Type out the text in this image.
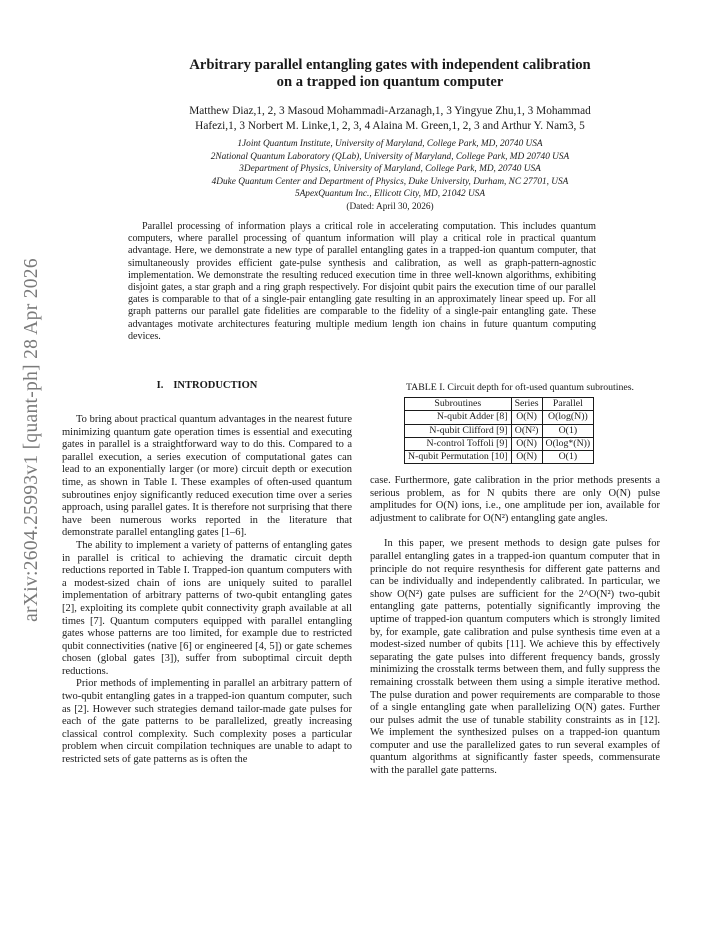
arXiv:2604.25993v1 [quant-ph] 28 Apr 2026
Arbitrary parallel entangling gates with independent calibration
on a trapped ion quantum computer
Matthew Diaz,1, 2, 3 Masoud Mohammadi-Arzanagh,1, 3 Yingyue Zhu,1, 3 Mohammad
Hafezi,1, 3 Norbert M. Linke,1, 2, 3, 4 Alaina M. Green,1, 2, 3 and Arthur Y. Nam3, 5
1Joint Quantum Institute, University of Maryland, College Park, MD, 20740 USA
2National Quantum Laboratory (QLab), University of Maryland, College Park, MD 20740 USA
3Department of Physics, University of Maryland, College Park, MD, 20740 USA
4Duke Quantum Center and Department of Physics, Duke University, Durham, NC 27701, USA
5ApexQuantum Inc., Ellicott City, MD, 21042 USA
(Dated: April 30, 2026)
Parallel processing of information plays a critical role in accelerating computation. This includes quantum computers, where parallel processing of quantum information will play a critical role in practical quantum advantage. Here, we demonstrate a new type of parallel entangling gates in a trapped-ion quantum computer, that simultaneously provides efficient gate-pulse synthesis and calibration, as well as graph-pattern-agnostic implementation. We demonstrate the resulting reduced execution time in three well-known algorithms, exhibiting disjoint gates, a star graph and a ring graph respectively. For disjoint qubit pairs the execution time of our parallel gates is comparable to that of a single-pair entangling gate resulting in an approximately linear speed up. For all graph patterns our parallel gate fidelities are comparable to the fidelity of a single-pair entangling gate. These advantages motivate architectures featuring multiple medium length ion chains in future quantum computing devices.
I. INTRODUCTION

To bring about practical quantum advantages in the nearest future minimizing quantum gate operation times is essential and executing gates in parallel is a straightforward way to do this. Compared to a parallel execution, a series execution of computational gates can lead to an exponentially larger (or more) circuit depth or execution time, as shown in Table I. These examples of often-used quantum subroutines enjoy significantly reduced execution time over a series approach, using parallel gates. It is therefore not surprising that there have been numerous works reported in the literature that demonstrate parallel entangling gates [1–6].

The ability to implement a variety of patterns of entangling gates in parallel is critical to achieving the dramatic circuit depth reductions reported in Table I. Trapped-ion quantum computers with a modest-sized chain of ions are uniquely suited to parallel implementation of arbitrary patterns of two-qubit entangling gates [2], exploiting its complete qubit connectivity graph available at all times [7]. Quantum computers equipped with parallel entangling gates whose patterns are too limited, for example due to restricted qubit connectivities (native [6] or engineered [4, 5]) or gate schemes chosen (global gates [3]), suffer from suboptimal circuit depth reductions.

Prior methods of implementing in parallel an arbitrary pattern of two-qubit entangling gates in a trapped-ion quantum computer, such as [2]. However such strategies demand tailor-made gate pulses for each of the gate patterns to be parallelized, greatly increasing classical control complexity. Such complexity poses a particular problem when circuit compilation techniques are unable to adapt to restricted sets of gate patterns as is often the

TABLE I. Circuit depth for oft-used quantum subroutines.
Subroutines	Series	Parallel
N-qubit Adder [8]	O(N)	O(log(N))
N-qubit Clifford [9]	O(N²)	O(1)
N-control Toffoli [9]	O(N)	O(log*(N))
N-qubit Permutation [10]	O(N)	O(1)

case. Furthermore, gate calibration in the prior methods presents a serious problem, as for N qubits there are only O(N) pulse amplitudes for O(N) ions, i.e., one amplitude per ion, available for adjustment to calibrate for O(N²) entangling gate angles.

In this paper, we present methods to design gate pulses for parallel entangling gates in a trapped-ion quantum computer that in principle do not require resynthesis for different gate patterns and can be individually and independently calibrated. In particular, we show O(N²) gate pulses are sufficient for the 2^O(N²) two-qubit entangling gate patterns, potentially significantly improving the uptime of trapped-ion quantum computers which is strongly limited by, for example, gate calibration and pulse synthesis time even at a modest-sized number of qubits [11]. We achieve this by effectively separating the gate pulses into different frequency bands, grossly minimizing the crosstalk terms between them, and fully suppress the remaining crosstalk between them using a simple iterative method. The pulse duration and power requirements are comparable to those of a single entangling gate when parallelizing O(N) gates. Further our pulses admit the use of tunable stability constraints as in [12]. We implement the synthesized pulses on a trapped-ion quantum computer and use the parallelized gates to run several examples of quantum algorithms at significantly faster speeds, commensurate with the parallel gate patterns.
